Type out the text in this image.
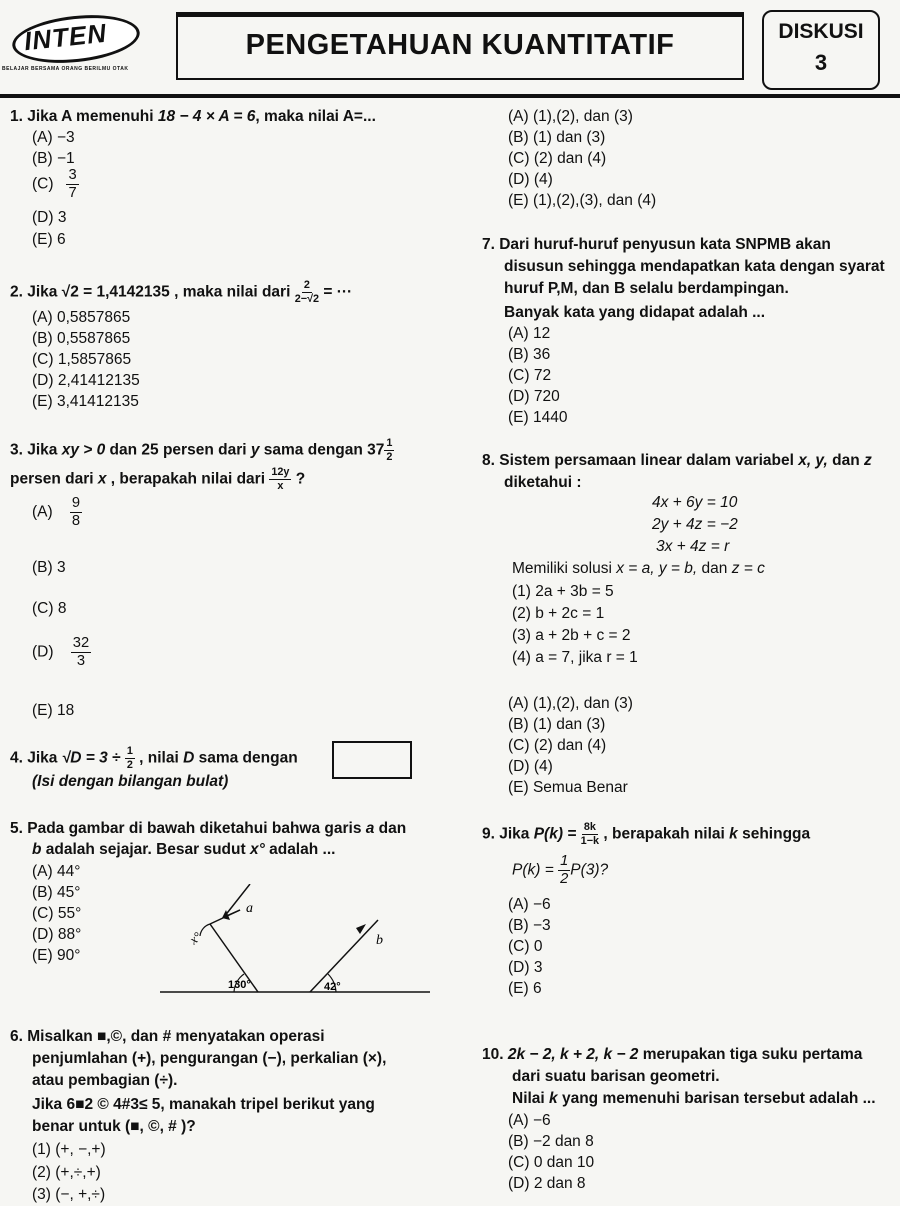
INTEN
BELAJAR BERSAMA ORANG BERILMU OTAK
PENGETAHUAN KUANTITATIF	DISKUSI
3
1. Jika A memenuhi 18 − 4 × A = 6, maka nilai A=...
(A) −3
(B) −1
$(C) \frac{3}{7}$
(D) 3
(E) 6
2. Jika √2 = 1,4142135 , maka nilai dari $\frac{2}{2-√2}$ = ···
(A) 0,5857865
(B) 0,5587865
(C) 1,5857865
(D) 2,41412135
(E) 3,41412135
3. Jika xy > 0 dan 25 persen dari y sama dengan $37 \frac{1}{2}$
persen dari x , berapakah nilai dari $\frac{12y}{x}$ ?
$(A) \frac{9}{8}$
(B) 3
(C) 8
$(D) \frac{32}{3}$
(E) 18
4. Jika $√D = 3 \div \frac{1}{2}$ , nilai D sama dengan
(Isi dengan bilangan bulat)
5. Pada gambar di bawah diketahui bahwa garis a dan
b adalah sejajar. Besar sudut x° adalah ...
(A) 44°
(B) 45°
(C) 55°
(D) 88°
(E) 90°
a
b
x°
130°	42°
6. Misalkan ■,©, dan # menyatakan operasi
penjumlahan (+), pengurangan (−), perkalian (×),
atau pembagian (÷).
Jika 6■2 © 4#3≤ 5, manakah tripel berikut yang
benar untuk (■, ©, # )?
(1) (+, −,+)
(2) (+,÷,+)
(3) (−, +,÷)
(A) (1),(2), dan (3)
(B) (1) dan (3)
(C) (2) dan (4)
(D) (4)
(E) (1),(2),(3), dan (4)
7. Dari huruf-huruf penyusun kata SNPMB akan
disusun sehingga mendapatkan kata dengan syarat
huruf P,M, dan B selalu berdampingan.
Banyak kata yang didapat adalah ...
(A) 12
(B) 36
(C) 72
(D) 720
(E) 1440
8. Sistem persamaan linear dalam variabel x, y, dan z
diketahui :
4x + 6y = 10
2y + 4z = −2
3x + 4z = r
Memiliki solusi x = a, y = b, dan z = c
(1) 2a + 3b = 5
(2) b + 2c = 1
(3) a + 2b + c = 2
(4) a = 7, jika r = 1
(A) (1),(2), dan (3)
(B) (1) dan (3)
(C) (2) dan (4)
(D) (4)
(E) Semua Benar
9. Jika $P(k) = \frac{8k}{1-k}$ , berapakah nilai k sehingga
$P(k) = \frac{1}{2} P(3)$?
(A) −6
(B) −3
(C) 0
(D) 3
(E) 6
10. 2k − 2, k + 2, k − 2 merupakan tiga suku pertama
dari suatu barisan geometri.
Nilai k yang memenuhi barisan tersebut adalah ...
(A) −6
(B) −2 dan 8
(C) 0 dan 10
(D) 2 dan 8
